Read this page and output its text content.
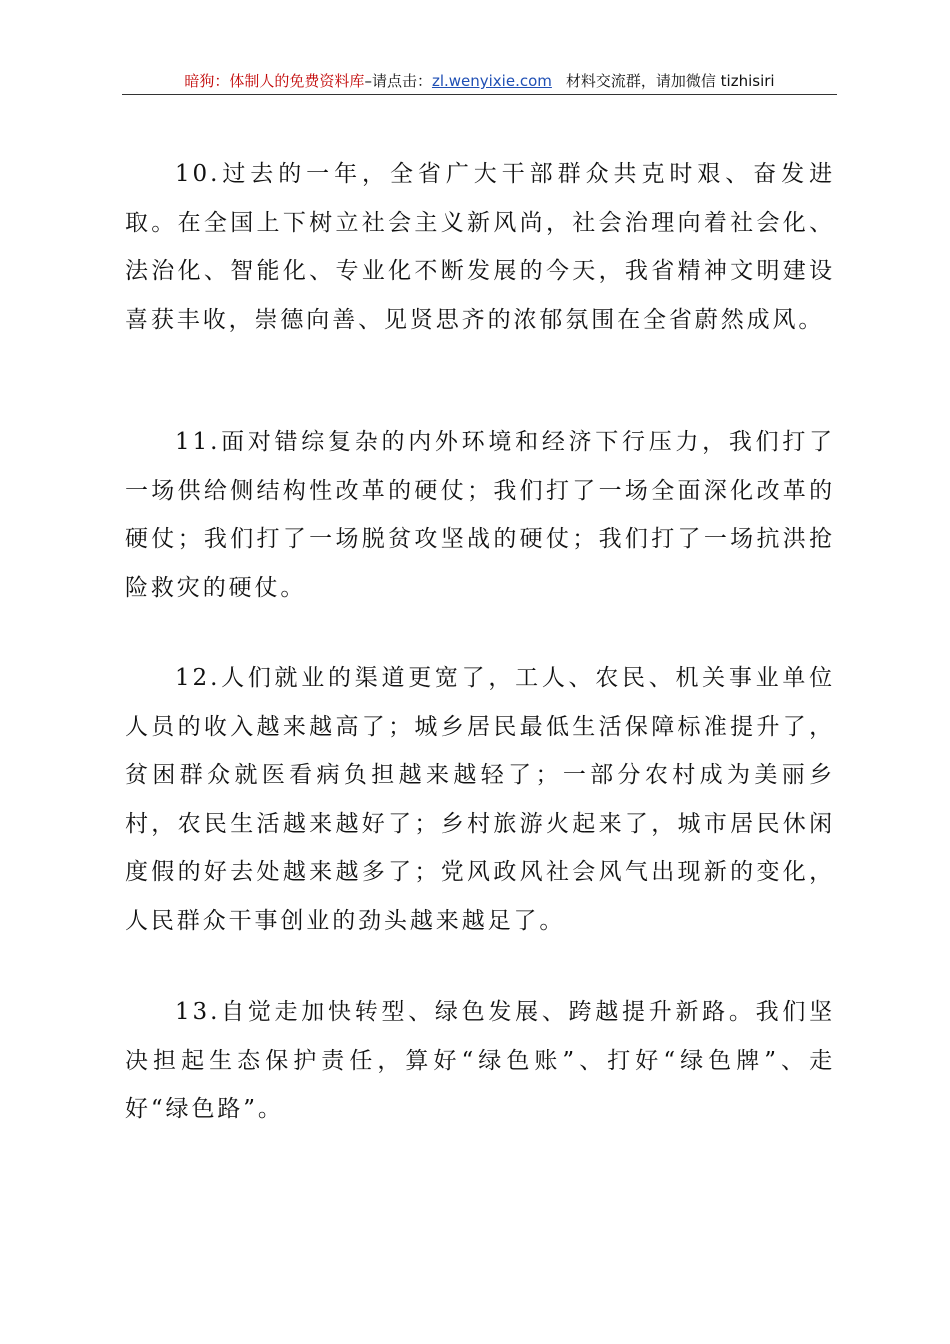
暗狗：体制人的免费资料库–请点击：zl.wenyixie.com 材料交流群，请加微信 tizhisiri

10.过去的一年，全省广大干部群众共克时艰、奋发进取。在全国上下树立社会主义新风尚，社会治理向着社会化、法治化、智能化、专业化不断发展的今天，我省精神文明建设喜获丰收，崇德向善、见贤思齐的浓郁氛围在全省蔚然成风。

11.面对错综复杂的内外环境和经济下行压力，我们打了一场供给侧结构性改革的硬仗；我们打了一场全面深化改革的硬仗；我们打了一场脱贫攻坚战的硬仗；我们打了一场抗洪抢险救灾的硬仗。

12.人们就业的渠道更宽了，工人、农民、机关事业单位人员的收入越来越高了；城乡居民最低生活保障标准提升了，贫困群众就医看病负担越来越轻了；一部分农村成为美丽乡村，农民生活越来越好了；乡村旅游火起来了，城市居民休闲度假的好去处越来越多了；党风政风社会风气出现新的变化，人民群众干事创业的劲头越来越足了。

13.自觉走加快转型、绿色发展、跨越提升新路。我们坚决担起生态保护责任，算好“绿色账”、打好“绿色牌”、走好“绿色路”。
